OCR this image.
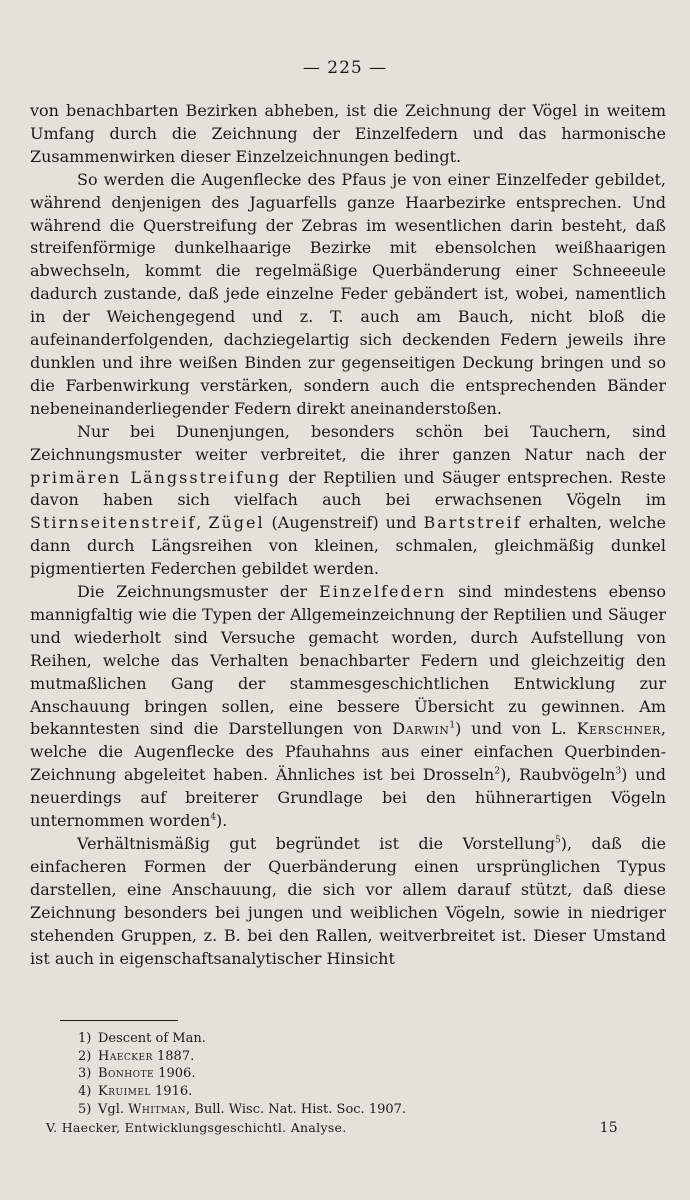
— 225 —

von benachbarten Bezirken abheben, ist die Zeichnung der Vögel in weitem Umfang durch die Zeichnung der Einzelfedern und das harmonische Zusammenwirken dieser Einzelzeichnungen bedingt.

So werden die Augenflecke des Pfaus je von einer Einzelfeder gebildet, während denjenigen des Jaguarfells ganze Haarbezirke entsprechen. Und während die Querstreifung der Zebras im wesentlichen darin besteht, daß streifenförmige dunkelhaarige Bezirke mit ebensolchen weißhaarigen abwechseln, kommt die regelmäßige Querbänderung einer Schneeeule dadurch zustande, daß jede einzelne Feder gebändert ist, wobei, namentlich in der Weichengegend und z. T. auch am Bauch, nicht bloß die aufeinanderfolgenden, dachziegelartig sich deckenden Federn jeweils ihre dunklen und ihre weißen Binden zur gegenseitigen Deckung bringen und so die Farbenwirkung verstärken, sondern auch die entsprechenden Bänder nebeneinanderliegender Federn direkt aneinanderstoßen.

Nur bei Dunenjungen, besonders schön bei Tauchern, sind Zeichnungsmuster weiter verbreitet, die ihrer ganzen Natur nach der primären Längsstreifung der Reptilien und Säuger entsprechen. Reste davon haben sich vielfach auch bei erwachsenen Vögeln im Stirnseitenstreif, Zügel (Augenstreif) und Bartstreif erhalten, welche dann durch Längsreihen von kleinen, schmalen, gleichmäßig dunkel pigmentierten Federchen gebildet werden.

Die Zeichnungsmuster der Einzelfedern sind mindestens ebenso mannigfaltig wie die Typen der Allgemeinzeichnung der Reptilien und Säuger und wiederholt sind Versuche gemacht worden, durch Aufstellung von Reihen, welche das Verhalten benachbarter Federn und gleichzeitig den mutmaßlichen Gang der stammesgeschichtlichen Entwicklung zur Anschauung bringen sollen, eine bessere Übersicht zu gewinnen. Am bekanntesten sind die Darstellungen von Darwin$^1$) und von L. Kerschner, welche die Augenflecke des Pfauhahns aus einer einfachen Querbinden-Zeichnung abgeleitet haben. Ähnliches ist bei Drosseln$^2$), Raubvögeln$^3$) und neuerdings auf breiterer Grundlage bei den hühnerartigen Vögeln unternommen worden$^4$).

Verhältnismäßig gut begründet ist die Vorstellung$^5$), daß die einfacheren Formen der Querbänderung einen ursprünglichen Typus darstellen, eine Anschauung, die sich vor allem darauf stützt, daß diese Zeichnung besonders bei jungen und weiblichen Vögeln, sowie in niedriger stehenden Gruppen, z. B. bei den Rallen, weitverbreitet ist. Dieser Umstand ist auch in eigenschaftsanalytischer Hinsicht

1) Descent of Man.
2) Haecker 1887.
3) Bonhote 1906.
4) Kruimel 1916.
5) Vgl. Whitman, Bull. Wisc. Nat. Hist. Soc. 1907.
V. Haecker, Entwicklungsgeschichtl. Analyse.	15
